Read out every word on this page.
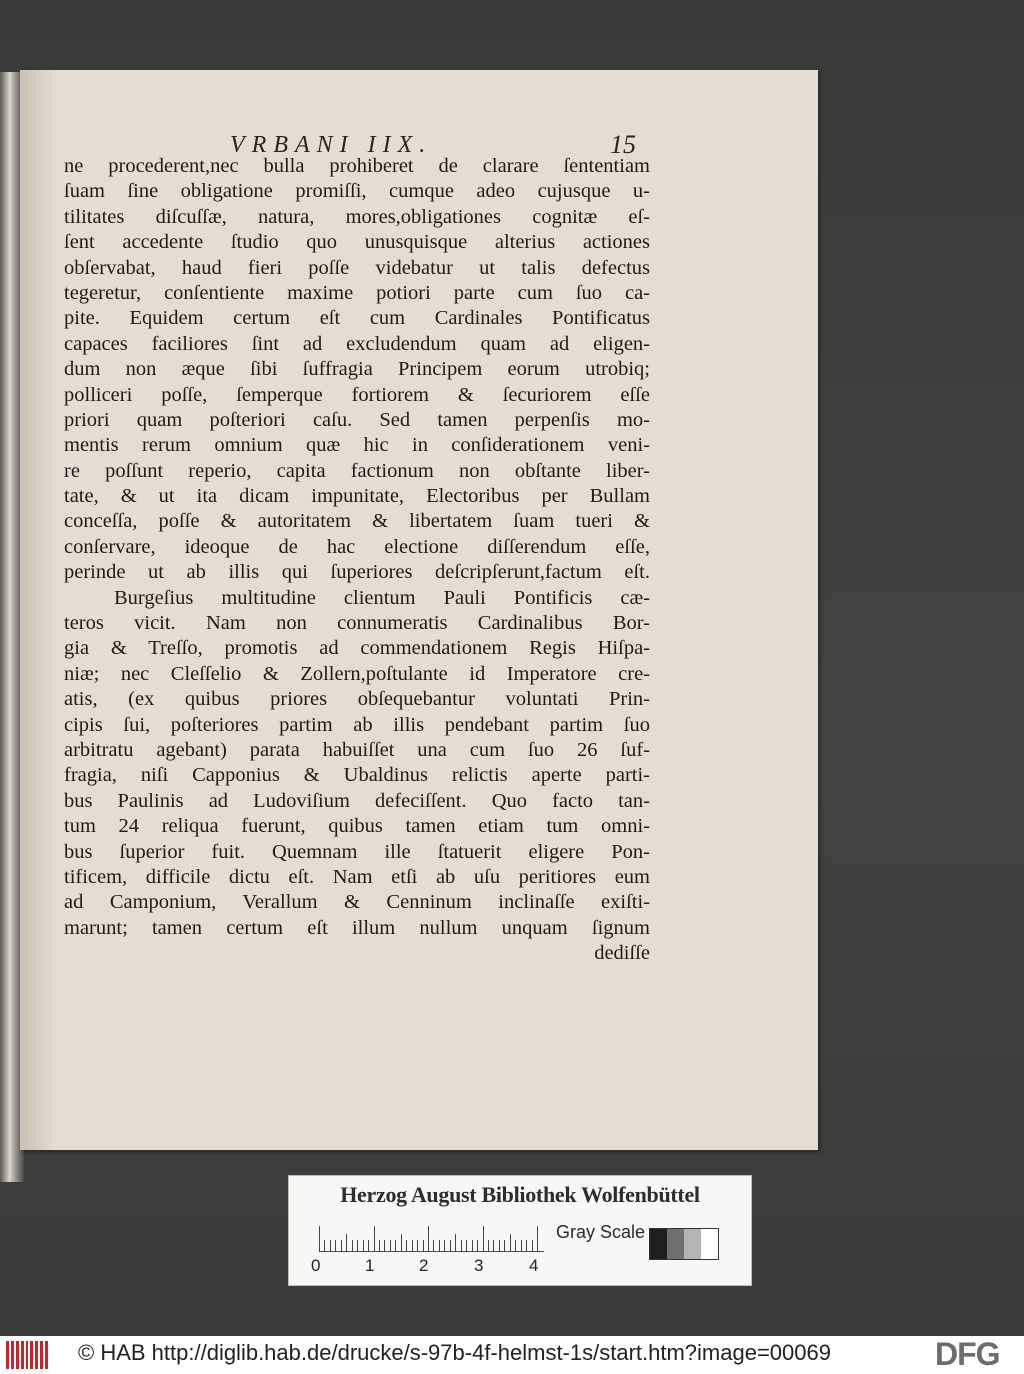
VRBANI IIX.	15
ne procederent,nec bulla prohiberet de clarare ſententiam
ſuam ſine obligatione promiſſi, cumque adeo cujusque u-
tilitates diſcuſſæ, natura, mores,obligationes cognitæ eſ-
ſent accedente ſtudio quo unusquisque alterius actiones
obſervabat, haud fieri poſſe videbatur ut talis defectus
tegeretur, conſentiente maxime potiori parte cum ſuo ca-
pite. Equidem certum eſt cum Cardinales Pontificatus
capaces faciliores ſint ad excludendum quam ad eligen-
dum non æque ſibi ſuffragia Principem eorum utrobiq;
polliceri poſſe, ſemperque fortiorem & ſecuriorem eſſe
priori quam poſteriori caſu. Sed tamen perpenſis mo-
mentis rerum omnium quæ hic in conſiderationem veni-
re poſſunt reperio, capita factionum non obſtante liber-
tate, & ut ita dicam impunitate, Electoribus per Bullam
conceſſa, poſſe & autoritatem & libertatem ſuam tueri &
conſervare, ideoque de hac electione diſſerendum eſſe,
perinde ut ab illis qui ſuperiores deſcripſerunt,factum eſt.
Burgeſius multitudine clientum Pauli Pontificis cæ-
teros vicit. Nam non connumeratis Cardinalibus Bor-
gia & Treſſo, promotis ad commendationem Regis Hiſpa-
niæ; nec Cleſſelio & Zollern,poſtulante id Imperatore cre-
atis, (ex quibus priores obſequebantur voluntati Prin-
cipis ſui, poſteriores partim ab illis pendebant partim ſuo
arbitratu agebant) parata habuiſſet una cum ſuo 26 ſuf-
fragia, niſi Capponius & Ubaldinus relictis aperte parti-
bus Paulinis ad Ludoviſium defeciſſent. Quo facto tan-
tum 24 reliqua fuerunt, quibus tamen etiam tum omni-
bus ſuperior fuit. Quemnam ille ſtatuerit eligere Pon-
tificem, difficile dictu eſt. Nam etſi ab uſu peritiores eum
ad Camponium, Verallum & Cenninum inclinaſſe exiſti-
marunt; tamen certum eſt illum nullum unquam ſignum
dediſſe
Herzog August Bibliothek Wolfenbüttel
0	1	2	3	4
Gray Scale
© HAB http://diglib.hab.de/drucke/s-97b-4f-helmst-1s/start.htm?image=00069	DFG
